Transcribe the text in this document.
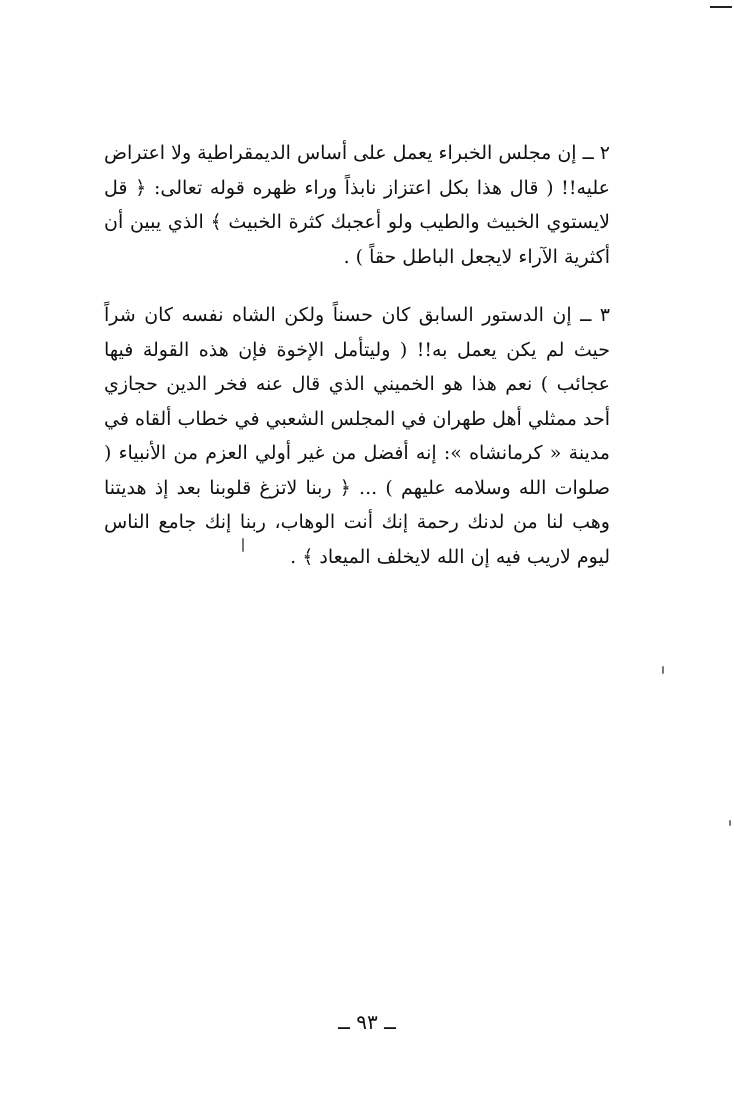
٢ ــ إن مجلس الخبراء يعمل على أساس الديمقراطية ولا اعتراض عليه!! ( قال هذا بكل اعتزاز نابذاً وراء ظهره قوله تعالى: ﴿ قل لايستوي الخبيث والطيب ولو أعجبك كثرة الخبيث ﴾ الذي يبين أن أكثرية الآراء لايجعل الباطل حقاً ) .

٣ ــ إن الدستور السابق كان حسناً ولكن الشاه نفسه كان شراً حيث لم يكن يعمل به!! ( وليتأمل الإخوة فإن هذه القولة فيها عجائب ) نعم هذا هو الخميني الذي قال عنه فخر الدين حجازي أحد ممثلي أهل طهران في المجلس الشعبي في خطاب ألقاه في مدينة « كرمانشاه »: إنه أفضل من غير أولي العزم من الأنبياء ( صلوات الله وسلامه عليهم ) ... ﴿ ربنا لاتزغ قلوبنا بعد إذ هديتنا وهب لنا من لدنك رحمة إنك أنت الوهاب، ربنا إنك جامع الناس ليوم لاريب فيه إن الله لايخلف الميعاد ﴾ .

ــ ٩٣ ــ
